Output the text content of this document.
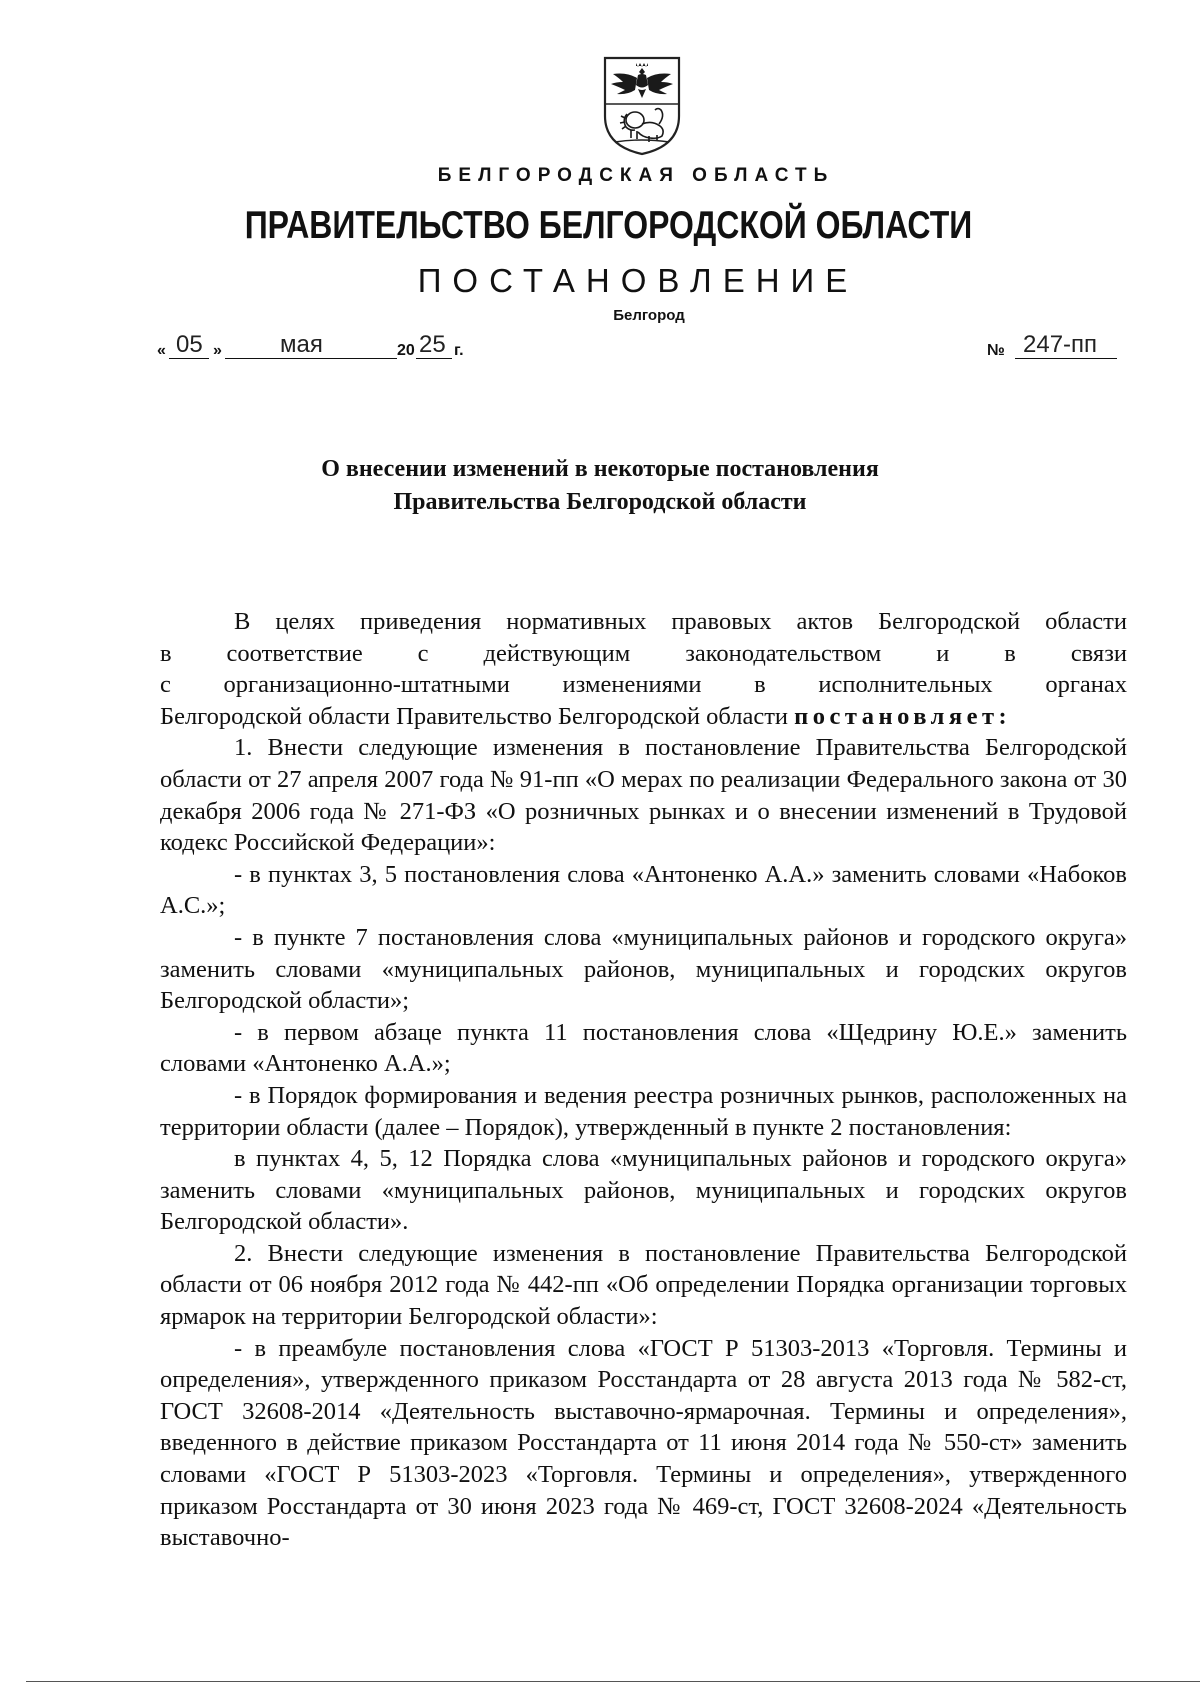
БЕЛГОРОДСКАЯ ОБЛАСТЬ
ПРАВИТЕЛЬСТВО БЕЛГОРОДСКОЙ ОБЛАСТИ
ПОСТАНОВЛЕНИЕ
Белгород
« 05 » мая	20 25 г.	№ 247-пп
О внесении изменений в некоторые постановления
Правительства Белгородской области

В целях приведения нормативных правовых актов Белгородской области

в соответствие с действующим законодательством и в связи

с организационно-штатными изменениями в исполнительных органах

Белгородской области Правительство Белгородской области постановляет:

1. Внести следующие изменения в постановление Правительства Белгородской области от 27 апреля 2007 года № 91-пп «О мерах по реализации Федерального закона от 30 декабря 2006 года № 271-ФЗ «О розничных рынках и о внесении изменений в Трудовой кодекс Российской Федерации»:

- в пунктах 3, 5 постановления слова «Антоненко А.А.» заменить словами «Набоков А.С.»;

- в пункте 7 постановления слова «муниципальных районов и городского округа» заменить словами «муниципальных районов, муниципальных и городских округов Белгородской области»;

- в первом абзаце пункта 11 постановления слова «Щедрину Ю.Е.» заменить словами «Антоненко А.А.»;

- в Порядок формирования и ведения реестра розничных рынков, расположенных на территории области (далее – Порядок), утвержденный в пункте 2 постановления:

в пунктах 4, 5, 12 Порядка слова «муниципальных районов и городского округа» заменить словами «муниципальных районов, муниципальных и городских округов Белгородской области».

2. Внести следующие изменения в постановление Правительства Белгородской области от 06 ноября 2012 года № 442-пп «Об определении Порядка организации торговых ярмарок на территории Белгородской области»:

- в преамбуле постановления слова «ГОСТ Р 51303-2013 «Торговля. Термины и определения», утвержденного приказом Росстандарта от 28 августа 2013 года № 582-ст, ГОСТ 32608-2014 «Деятельность выставочно-ярмарочная. Термины и определения», введенного в действие приказом Росстандарта от 11 июня 2014 года № 550-ст» заменить словами «ГОСТ Р 51303-2023 «Торговля. Термины и определения», утвержденного приказом Росстандарта от 30 июня 2023 года № 469-ст, ГОСТ 32608-2024 «Деятельность выставочно-
